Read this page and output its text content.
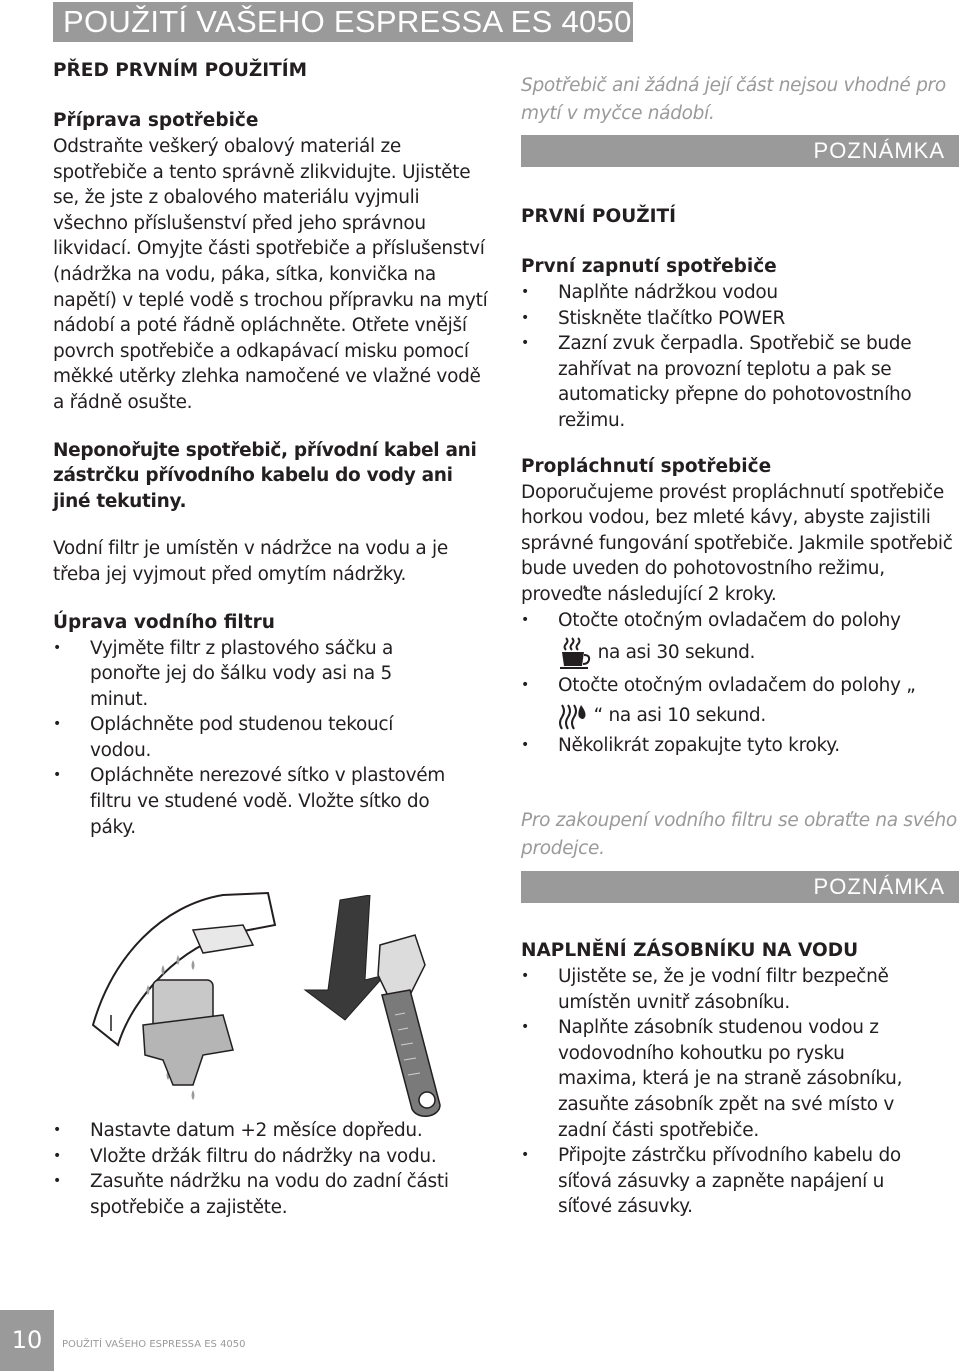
POUŽITÍ VAŠEHO ESPRESSA ES 4050

PŘED PRVNÍM POUŽITÍM

Příprava spotřebiče

Odstraňte veškerý obalový materiál ze spotřebiče a tento správně zlikvidujte. Ujistěte se, že jste z obalového materiálu vyjmuli všechno příslušenství před jeho správnou likvidací. Omyjte části spotřebiče a příslušenství (nádržka na vodu, páka, sítka, konvička na napětí) v teplé vodě s trochou přípravku na mytí nádobí a poté řádně opláchněte. Otřete vnější povrch spotřebiče a odkapávací misku pomocí měkké utěrky zlehka namočené ve vlažné vodě a řádně osušte.

Neponořujte spotřebič, přívodní kabel ani zástrčku přívodního kabelu do vody ani jiné tekutiny.

Vodní filtr je umístěn v nádržce na vodu a je třeba jej vyjmout před omytím nádržky.

Úprava vodního filtru

• Vyjměte filtr z plastového sáčku a ponořte jej do šálku vody asi na 5 minut.
• Opláchněte pod studenou tekoucí vodou.
• Opláchněte nerezové sítko v plastovém filtru ve studené vodě. Vložte sítko do páky.
• Nastavte datum +2 měsíce dopředu.
• Vložte držák filtru do nádržky na vodu.
• Zasuňte nádržku na vodu do zadní části spotřebiče a zajistěte.

Spotřebič ani žádná její část nejsou vhodné pro mytí v myčce nádobí.

POZNÁMKA

PRVNÍ POUŽITÍ

První zapnutí spotřebiče

• Naplňte nádržkou vodou
• Stiskněte tlačítko POWER
• Zazní zvuk čerpadla. Spotřebič se bude zahřívat na provozní teplotu a pak se automaticky přepne do pohotovostního režimu.

Propláchnutí spotřebiče

Doporučujeme provést propláchnutí spotřebiče horkou vodou, bez mleté kávy, abyste zajistili správné fungování spotřebiče. Jakmile spotřebič bude uveden do pohotovostního režimu, proveďte následující 2 kroky.

• Otočte otočným ovladačem do polohy
na asi 30 sekund.
• Otočte otočným ovladačem do polohy „
“ na asi 10 sekund.
• Několikrát zopakujte tyto kroky.

Pro zakoupení vodního filtru se obraťte na svého prodejce.

POZNÁMKA

NAPLNĚNÍ ZÁSOBNÍKU NA VODU

• Ujistěte se, že je vodní filtr bezpečně umístěn uvnitř zásobníku.
• Naplňte zásobník studenou vodou z vodovodního kohoutku po rysku maxima, která je na straně zásobníku, zasuňte zásobník zpět na své místo v zadní části spotřebiče.
• Připojte zástrčku přívodního kabelu do síťová zásuvky a zapněte napájení u síťové zásuvky.
10	POUŽITÍ VAŠEHO ESPRESSA ES 4050
